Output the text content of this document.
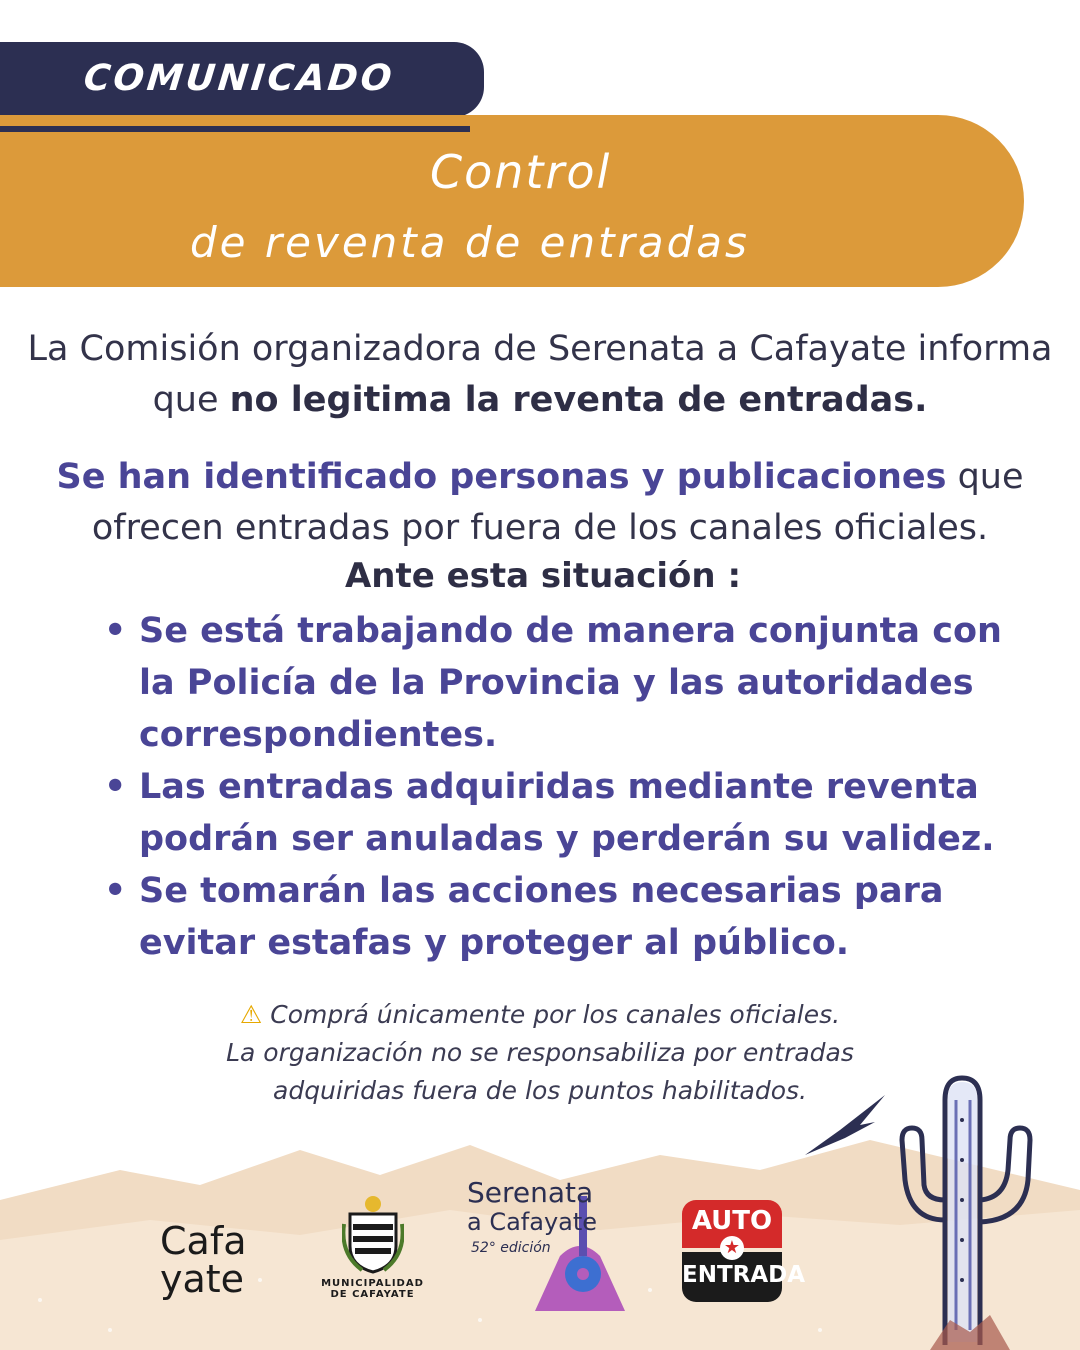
COMUNICADO
Control
de reventa de entradas
La Comisión organizadora de Serenata a Cafayate informa que no legitima la reventa de entradas.
Se han identificado personas y publicaciones que ofrecen entradas por fuera de los canales oficiales.
Ante esta situación :
• Se está trabajando de manera conjunta con la Policía de la Provincia y las autoridades correspondientes.
• Las entradas adquiridas mediante reventa podrán ser anuladas y perderán su validez.
• Se tomarán las acciones necesarias para evitar estafas y proteger al público.
⚠ Comprá únicamente por los canales oficiales.
La organización no se responsabiliza por entradas
adquiridas fuera de los puntos habilitados.
Cafa
yate	MUNICIPALIDAD
DE CAFAYATE
Serenata
a Cafayate
52° edición
AUTO
★
ENTRADA
